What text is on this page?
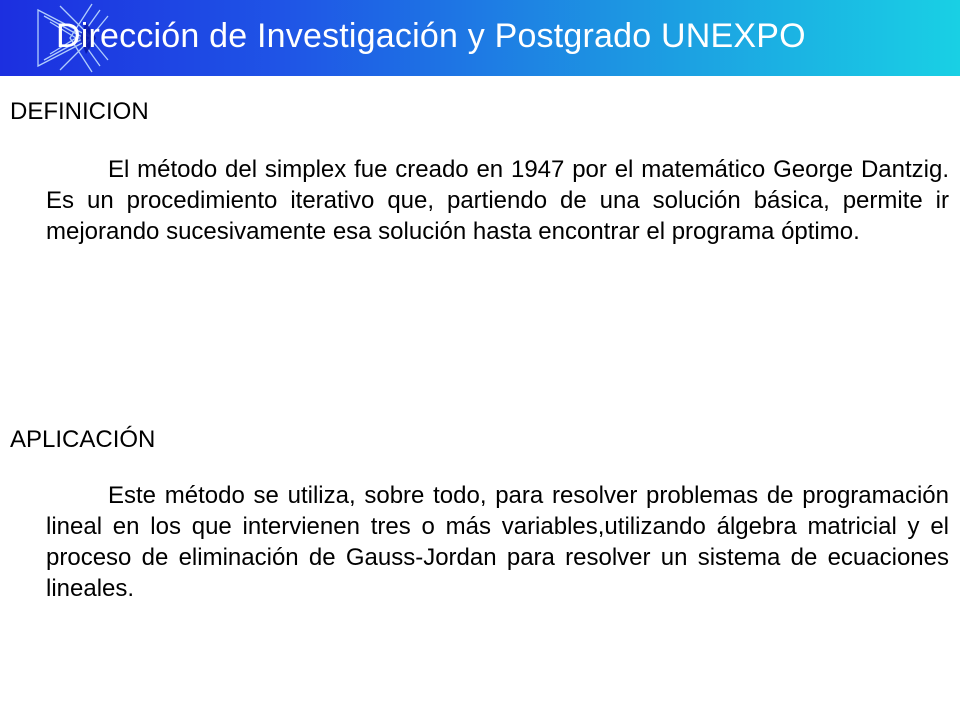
Dirección de Investigación y Postgrado UNEXPO
DEFINICION

El método del simplex fue creado en 1947 por el matemático George Dantzig. Es un procedimiento iterativo que, partiendo de una solución básica, permite ir mejorando sucesivamente esa solución hasta encontrar el programa óptimo.

APLICACIÓN

Este método se utiliza, sobre todo, para resolver problemas de programación lineal en los que intervienen tres o más variables,utilizando álgebra matricial y el proceso de eliminación de Gauss-Jordan para resolver un sistema de ecuaciones lineales.
